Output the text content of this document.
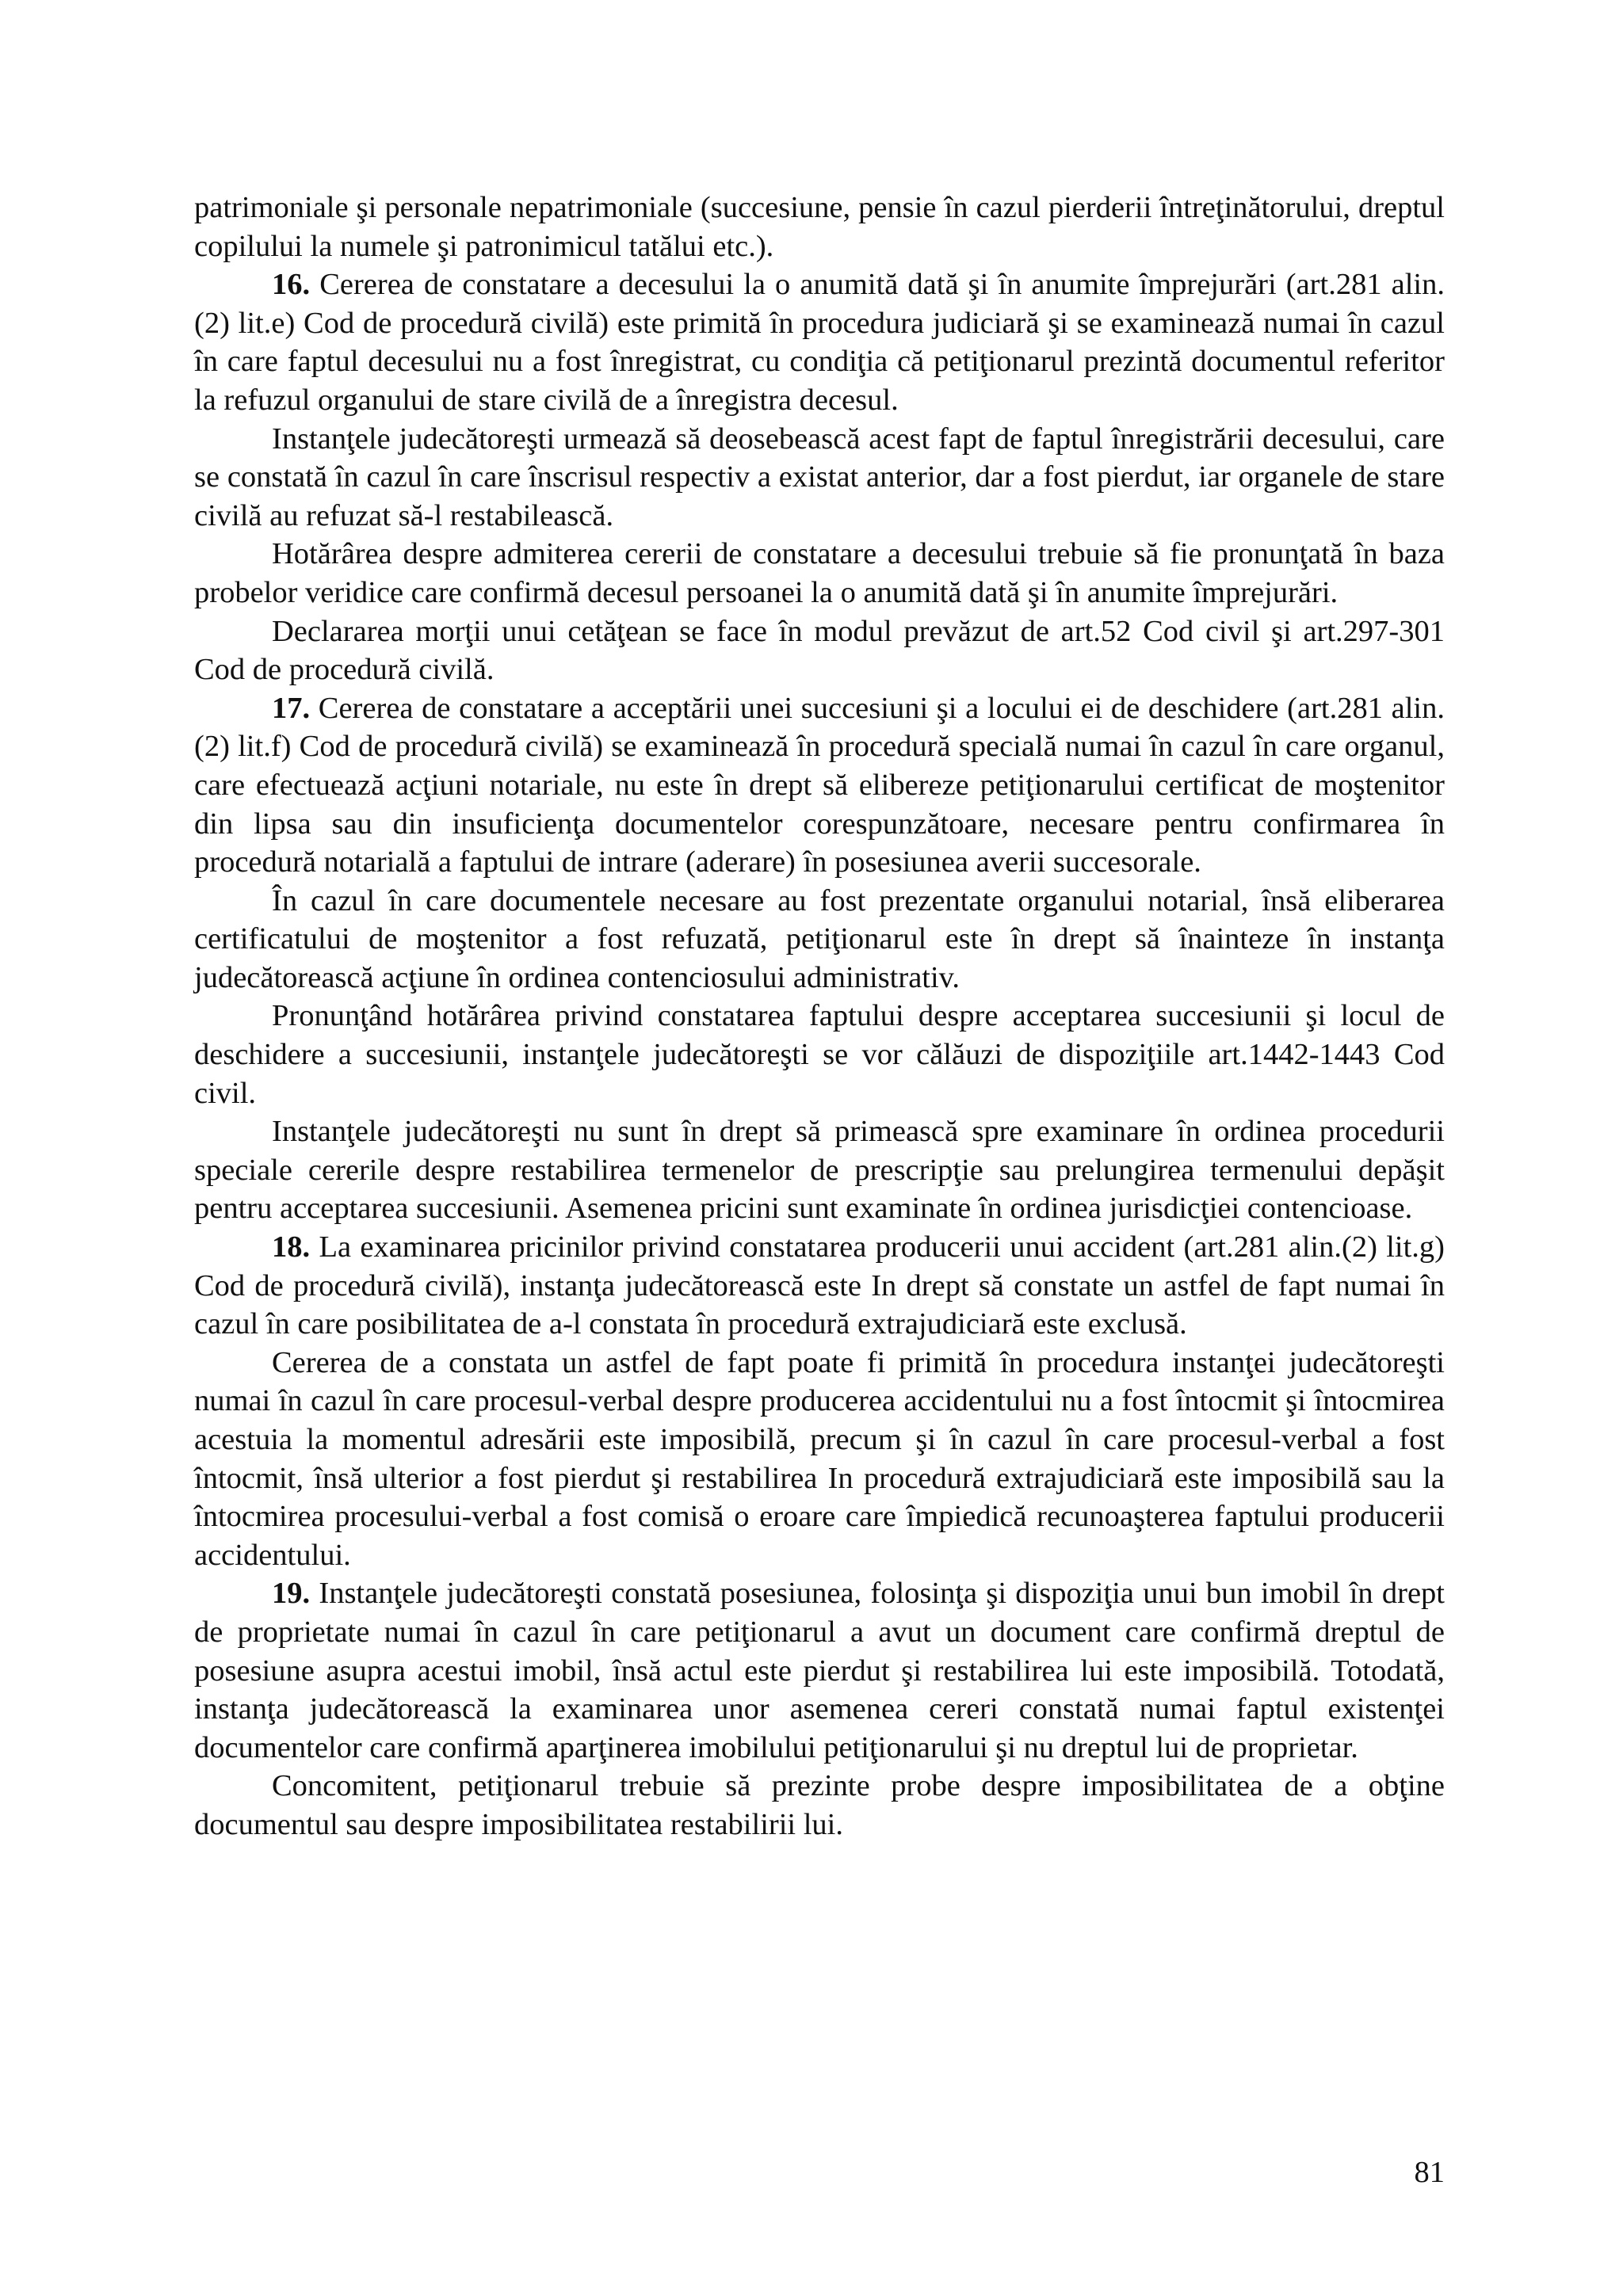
patrimoniale şi personale nepatrimoniale (succesiune, pensie în cazul pierderii întreţinătorului, dreptul copilului la numele şi patronimicul tatălui etc.).

16. Cererea de constatare a decesului la o anumită dată şi în anumite împrejurări (art.281 alin.(2) lit.e) Cod de procedură civilă) este primită în procedura judiciară şi se examinează numai în cazul în care faptul decesului nu a fost înregistrat, cu condiţia că petiţionarul prezintă documentul referitor la refuzul organului de stare civilă de a înregistra decesul.

Instanţele judecătoreşti urmează să deosebească acest fapt de faptul înregistrării decesului, care se constată în cazul în care înscrisul respectiv a existat anterior, dar a fost pierdut, iar organele de stare civilă au refuzat să-l restabilească.

Hotărârea despre admiterea cererii de constatare a decesului trebuie să fie pronunţată în baza probelor veridice care confirmă decesul persoanei la o anumită dată şi în anumite împrejurări.

Declararea morţii unui cetăţean se face în modul prevăzut de art.52 Cod civil şi art.297-301 Cod de procedură civilă.

17. Cererea de constatare a acceptării unei succesiuni şi a locului ei de deschidere (art.281 alin.(2) lit.f) Cod de procedură civilă) se examinează în procedură specială numai în cazul în care organul, care efectuează acţiuni notariale, nu este în drept să elibereze petiţionarului certificat de moştenitor din lipsa sau din insuficienţa documentelor corespunzătoare, necesare pentru confirmarea în procedură notarială a faptului de intrare (aderare) în posesiunea averii succesorale.

În cazul în care documentele necesare au fost prezentate organului notarial, însă eliberarea certificatului de moştenitor a fost refuzată, petiţionarul este în drept să înainteze în instanţa judecătorească acţiune în ordinea contenciosului administrativ.

Pronunţând hotărârea privind constatarea faptului despre acceptarea succesiunii şi locul de deschidere a succesiunii, instanţele judecătoreşti se vor călăuzi de dispoziţiile art.1442-1443 Cod civil.

Instanţele judecătoreşti nu sunt în drept să primească spre examinare în ordinea procedurii speciale cererile despre restabilirea termenelor de prescripţie sau prelungirea termenului depăşit pentru acceptarea succesiunii. Asemenea pricini sunt examinate în ordinea jurisdicţiei contencioase.

18. La examinarea pricinilor privind constatarea producerii unui accident (art.281 alin.(2) lit.g) Cod de procedură civilă), instanţa judecătorească este In drept să constate un astfel de fapt numai în cazul în care posibilitatea de a-l constata în procedură extrajudiciară este exclusă.

Cererea de a constata un astfel de fapt poate fi primită în procedura instanţei judecătoreşti numai în cazul în care procesul-verbal despre producerea accidentului nu a fost întocmit şi întocmirea acestuia la momentul adresării este imposibilă, precum şi în cazul în care procesul-verbal a fost întocmit, însă ulterior a fost pierdut şi restabilirea In procedură extrajudiciară este imposibilă sau la întocmirea procesului-verbal a fost comisă o eroare care împiedică recunoaşterea faptului producerii accidentului.

19. Instanţele judecătoreşti constată posesiunea, folosinţa şi dispoziţia unui bun imobil în drept de proprietate numai în cazul în care petiţionarul a avut un document care confirmă dreptul de posesiune asupra acestui imobil, însă actul este pierdut şi restabilirea lui este imposibilă. Totodată, instanţa judecătorească la examinarea unor asemenea cereri constată numai faptul existenţei documentelor care confirmă aparţinerea imobilului petiţionarului şi nu dreptul lui de proprietar.

Concomitent, petiţionarul trebuie să prezinte probe despre imposibilitatea de a obţine documentul sau despre imposibilitatea restabilirii lui.

81
